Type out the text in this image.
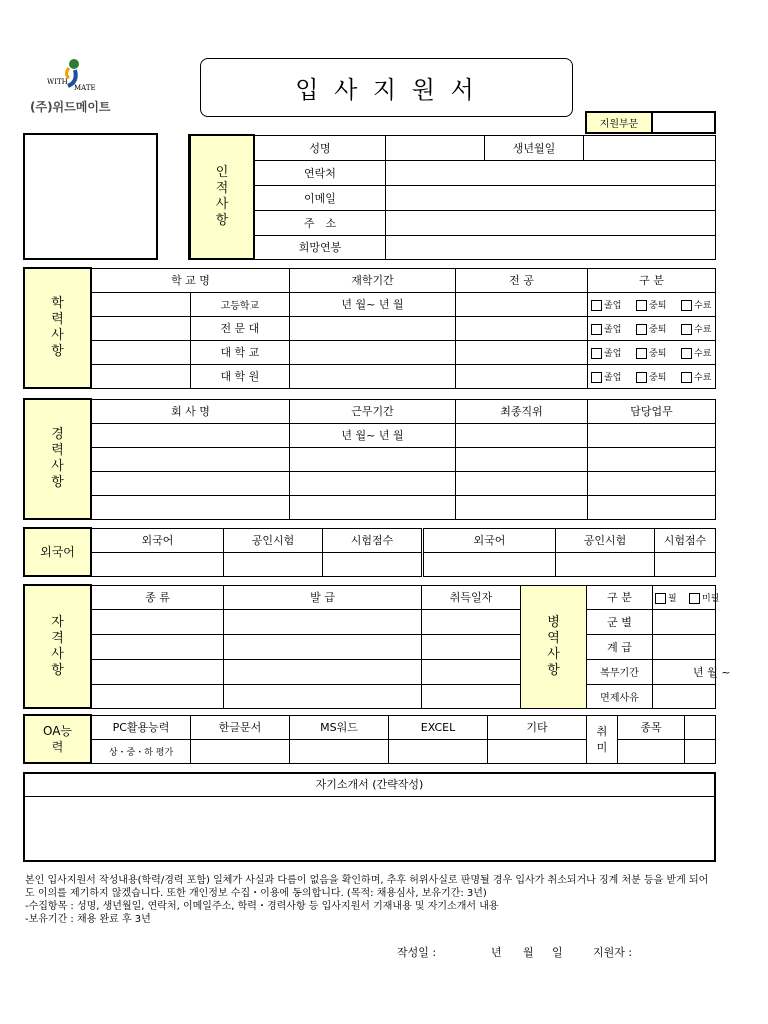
WITH
MATE
(주)위드메이트
입 사 지 원 서
지원부문	
인적사항	성명		생년월일	
	연락처			
	이메일			
	주　소			
	희망연봉			
학력사항	학 교 명		재학기간	전 공	구 분
		고등학교	년 월~ 년 월		졸업 중퇴 수료
		전 문 대			졸업 중퇴 수료
		대 학 교			졸업 중퇴 수료
		대 학 원			졸업 중퇴 수료
경력사항	회 사 명	근무기간	최종직위	담당업무
		년 월~ 년 월		

외국어	외국어	공인시험	시험점수	외국어	공인시험	시험점수

자격사항	종 류	발 급	취득일자	병역사항	구 분	필 미필
					군 별	
					계 급	
					복무기간	년 월 ~
					면제사유	
OA능력	PC활용능력	한글문서	MS워드	EXCEL	기타	취미	종목	
	상・중・하 평가							
자기소개서 (간략작성)
본인 입사지원서 작성내용(학력/경력 포함) 일체가 사실과 다름이 없음을 확인하며, 추후 허위사실로 판명될 경우 입사가 취소되거나 징계 처분 등을 받게 되어도 이의를 제기하지 않겠습니다. 또한 개인정보 수집・이용에 동의합니다. (목적: 채용심사, 보유기간: 3년)
-수집항목 : 성명, 생년월일, 연락처, 이메일주소, 학력・경력사항 등 입사지원서 기재내용 및 자기소개서 내용
-보유기간 : 채용 완료 후 3년
작성일 :	년 월 일	지원자 :
